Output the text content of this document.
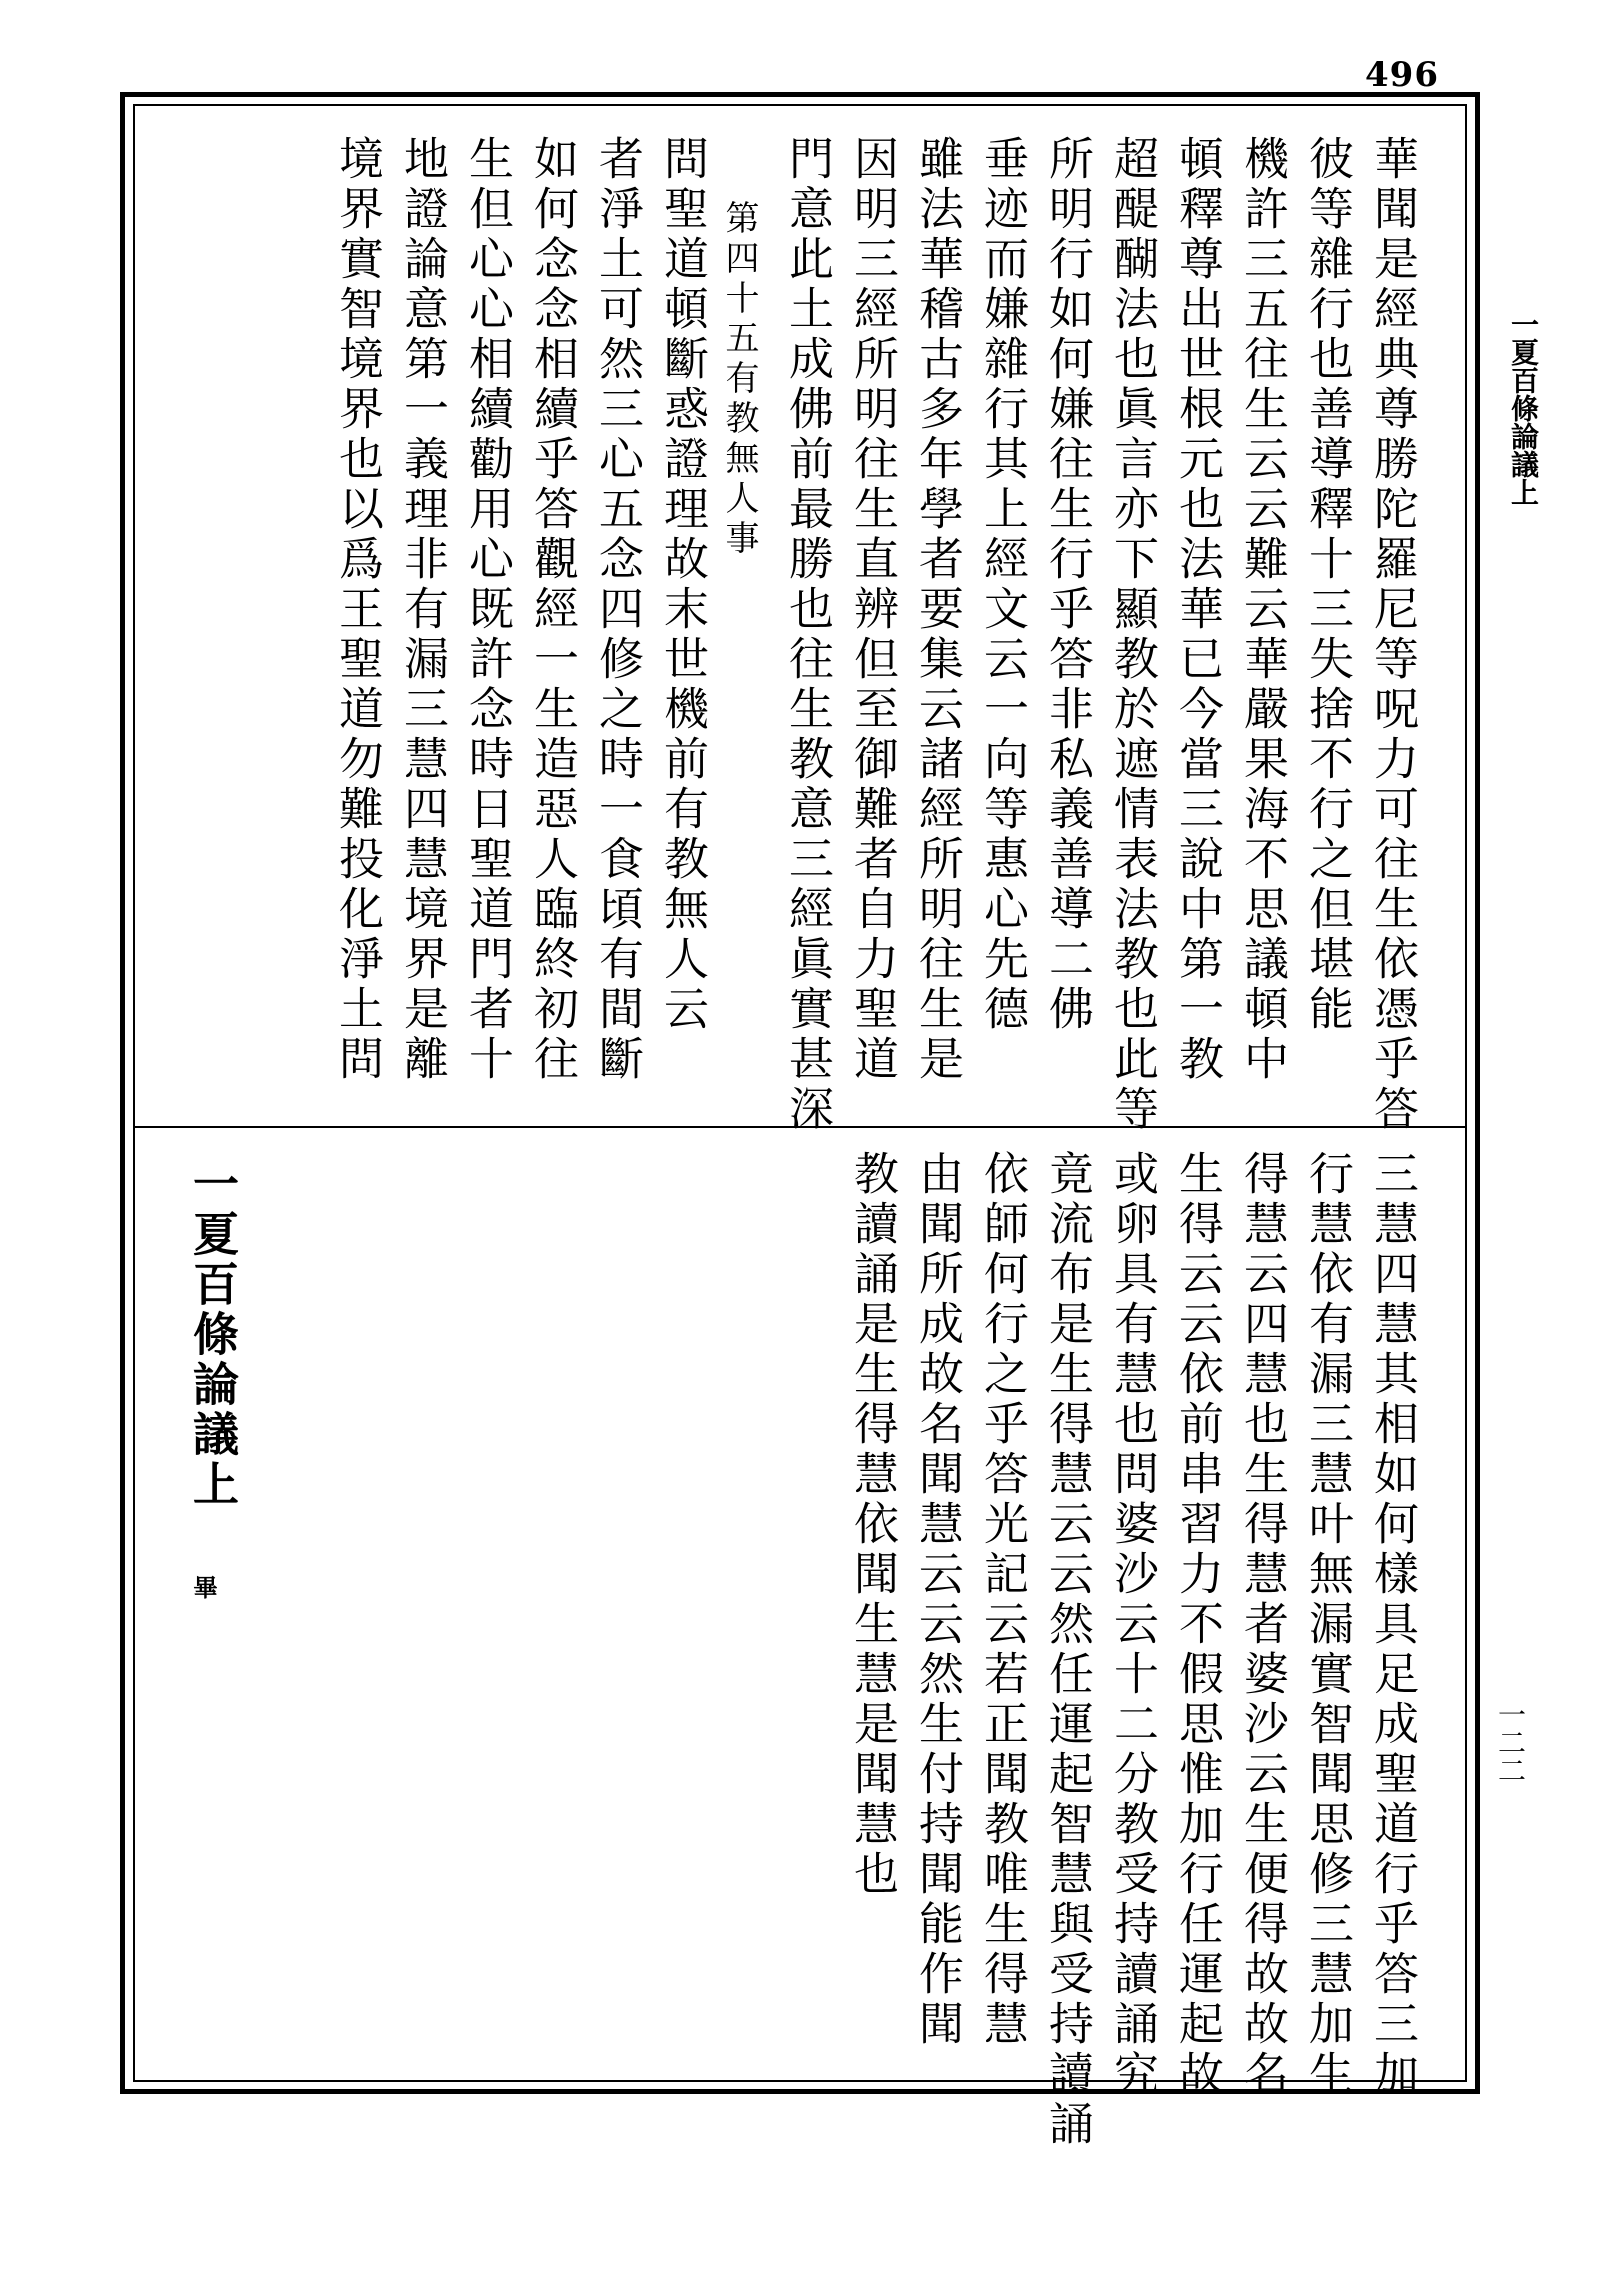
496
一夏百條論議上
一二二
華聞是經典尊勝陀羅尼等呪力可往生依憑乎答
彼等雜行也善導釋十三失捨不行之但堪能
機許三五往生云云難云華嚴果海不思議頓中
頓釋尊出世根元也法華已今當三說中第一教
超醍醐法也眞言亦下顯教於遮情表法教也此等
所明行如何嫌往生行乎答非私義善導二佛
垂迹而嫌雜行其上經文云一向等惠心先德
雖法華稽古多年學者要集云諸經所明往生是
因明三經所明往生直辨但至御難者自力聖道
門意此土成佛前最勝也往生教意三經眞實甚深
第四十五有教無人事
問聖道頓斷惑證理故末世機前有教無人云
者淨土可然三心五念四修之時一食頃有間斷
如何念念相續乎答觀經一生造惡人臨終初往
生但心心相續勸用心既許念時日聖道門者十
地證論意第一義理非有漏三慧四慧境界是離
境界實智境界也以爲王聖道勿難投化淨土問
三慧四慧其相如何樣具足成聖道行乎答三加
行慧依有漏三慧叶無漏實智聞思修三慧加生
得慧云四慧也生得慧者婆沙云生便得故故名
生得云云依前串習力不假思惟加行任運起故
或卵具有慧也問婆沙云十二分教受持讀誦究
竟流布是生得慧云云然任運起智慧與受持讀誦
依師何行之乎答光記云若正聞教唯生得慧
由聞所成故名聞慧云云然生付持聞能作聞
教讀誦是生得慧依聞生慧是聞慧也
一夏百條論議上
畢
